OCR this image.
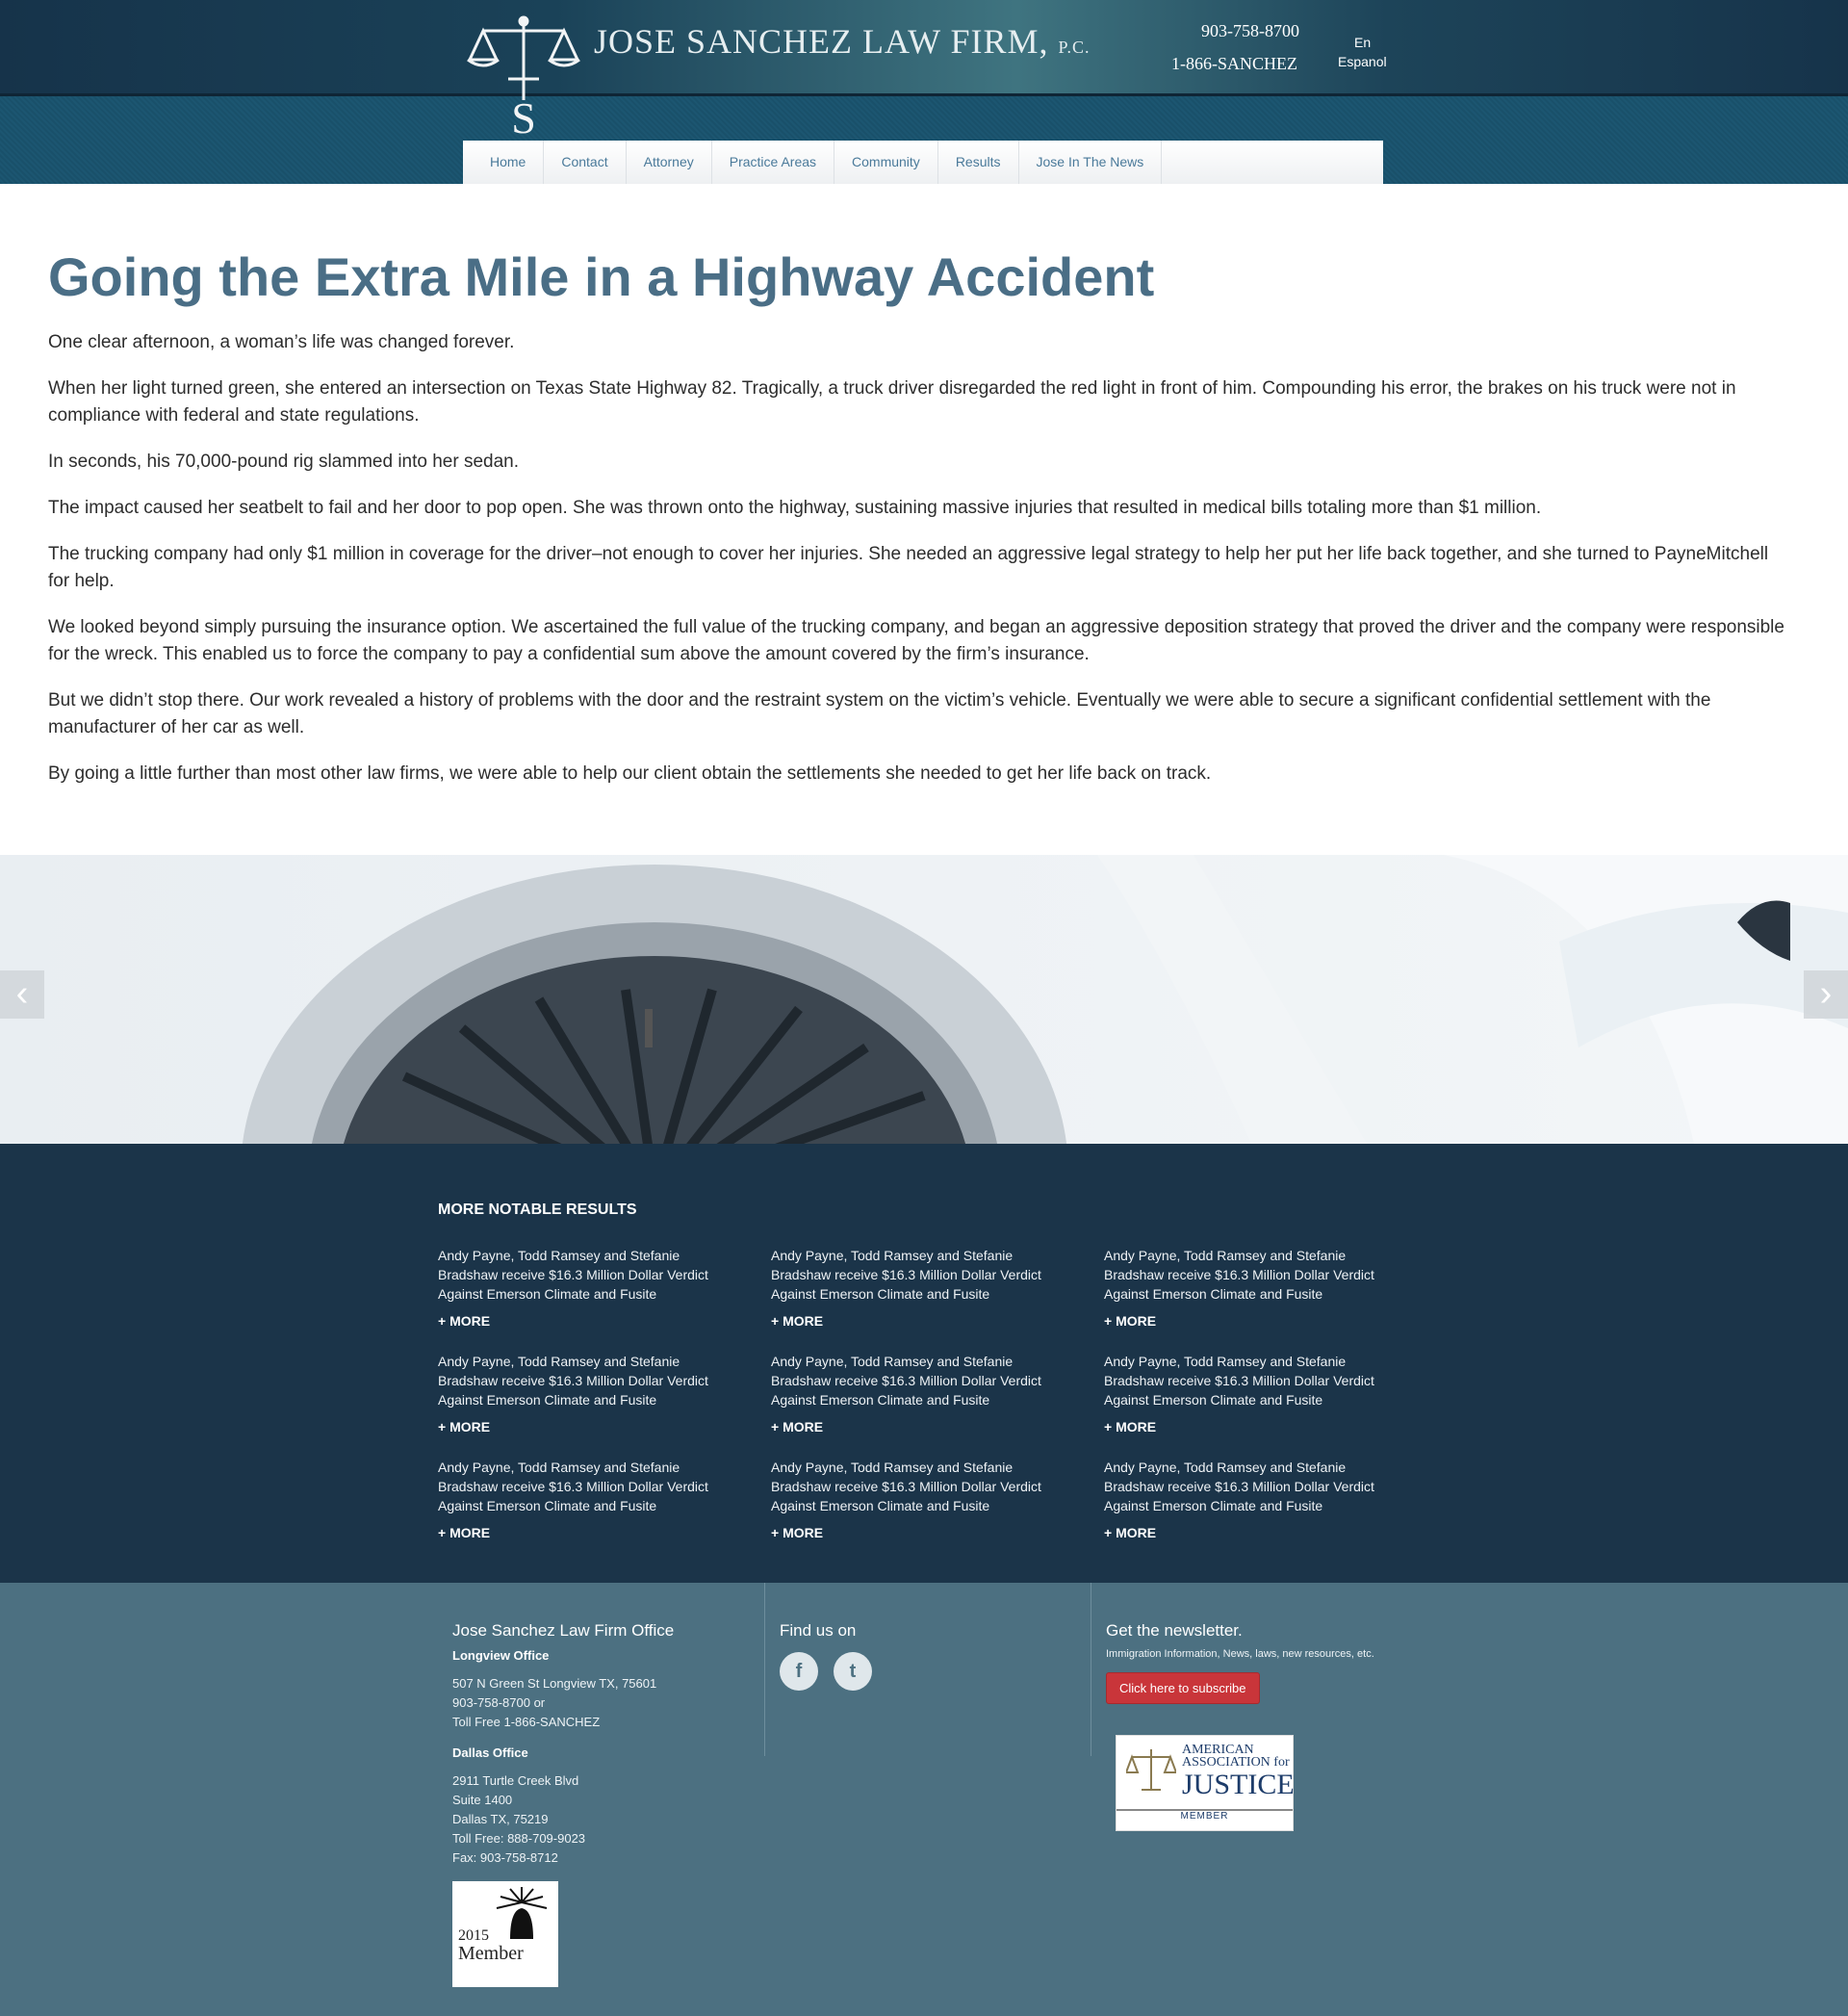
S
JOSE SANCHEZ LAW FIRM, P.C.
903-758-8700
1-866-SANCHEZ
En
Espanol
Home	Contact	Attorney	Practice Areas	Community	Results	Jose In The News
Going the Extra Mile in a Highway Accident

One clear afternoon, a woman’s life was changed forever.

When her light turned green, she entered an intersection on Texas State Highway 82. Tragically, a truck driver disregarded the red light in front of him. Compounding his error, the brakes on his truck were not in compliance with federal and state regulations.

In seconds, his 70,000-pound rig slammed into her sedan.

The impact caused her seatbelt to fail and her door to pop open. She was thrown onto the highway, sustaining massive injuries that resulted in medical bills totaling more than $1 million.

The trucking company had only $1 million in coverage for the driver–not enough to cover her injuries. She needed an aggressive legal strategy to help her put her life back together, and she turned to PayneMitchell for help.

We looked beyond simply pursuing the insurance option. We ascertained the full value of the trucking company, and began an aggressive deposition strategy that proved the driver and the company were responsible for the wreck. This enabled us to force the company to pay a confidential sum above the amount covered by the firm’s insurance.

But we didn’t stop there. Our work revealed a history of problems with the door and the restraint system on the victim’s vehicle. Eventually we were able to secure a significant confidential settlement with the manufacturer of her car as well.

By going a little further than most other law firms, we were able to help our client obtain the settlements she needed to get her life back on track.

‹	›
MORE NOTABLE RESULTS
Andy Payne, Todd Ramsey and Stefanie Bradshaw receive $16.3 Million Dollar Verdict Against Emerson Climate and Fusite
+ MORE
Andy Payne, Todd Ramsey and Stefanie Bradshaw receive $16.3 Million Dollar Verdict Against Emerson Climate and Fusite
+ MORE
Andy Payne, Todd Ramsey and Stefanie Bradshaw receive $16.3 Million Dollar Verdict Against Emerson Climate and Fusite
+ MORE
Andy Payne, Todd Ramsey and Stefanie Bradshaw receive $16.3 Million Dollar Verdict Against Emerson Climate and Fusite
+ MORE
Andy Payne, Todd Ramsey and Stefanie Bradshaw receive $16.3 Million Dollar Verdict Against Emerson Climate and Fusite
+ MORE
Andy Payne, Todd Ramsey and Stefanie Bradshaw receive $16.3 Million Dollar Verdict Against Emerson Climate and Fusite
+ MORE
Andy Payne, Todd Ramsey and Stefanie Bradshaw receive $16.3 Million Dollar Verdict Against Emerson Climate and Fusite
+ MORE
Andy Payne, Todd Ramsey and Stefanie Bradshaw receive $16.3 Million Dollar Verdict Against Emerson Climate and Fusite
+ MORE
Andy Payne, Todd Ramsey and Stefanie Bradshaw receive $16.3 Million Dollar Verdict Against Emerson Climate and Fusite
+ MORE
Jose Sanchez Law Firm Office
Longview Office
507 N Green St Longview TX, 75601
903-758-8700 or
Toll Free 1-866-SANCHEZ
Dallas Office
2911 Turtle Creek Blvd
Suite 1400
Dallas TX, 75219
Toll Free: 888-709-9023
Fax: 903-758-8712
Find us on
f	t
Get the newsletter.
Immigration Information, News, laws, new resources, etc.
Click here to subscribe
AMERICAN
ASSOCIATION for
JUSTICE
MEMBER
2015
Member
